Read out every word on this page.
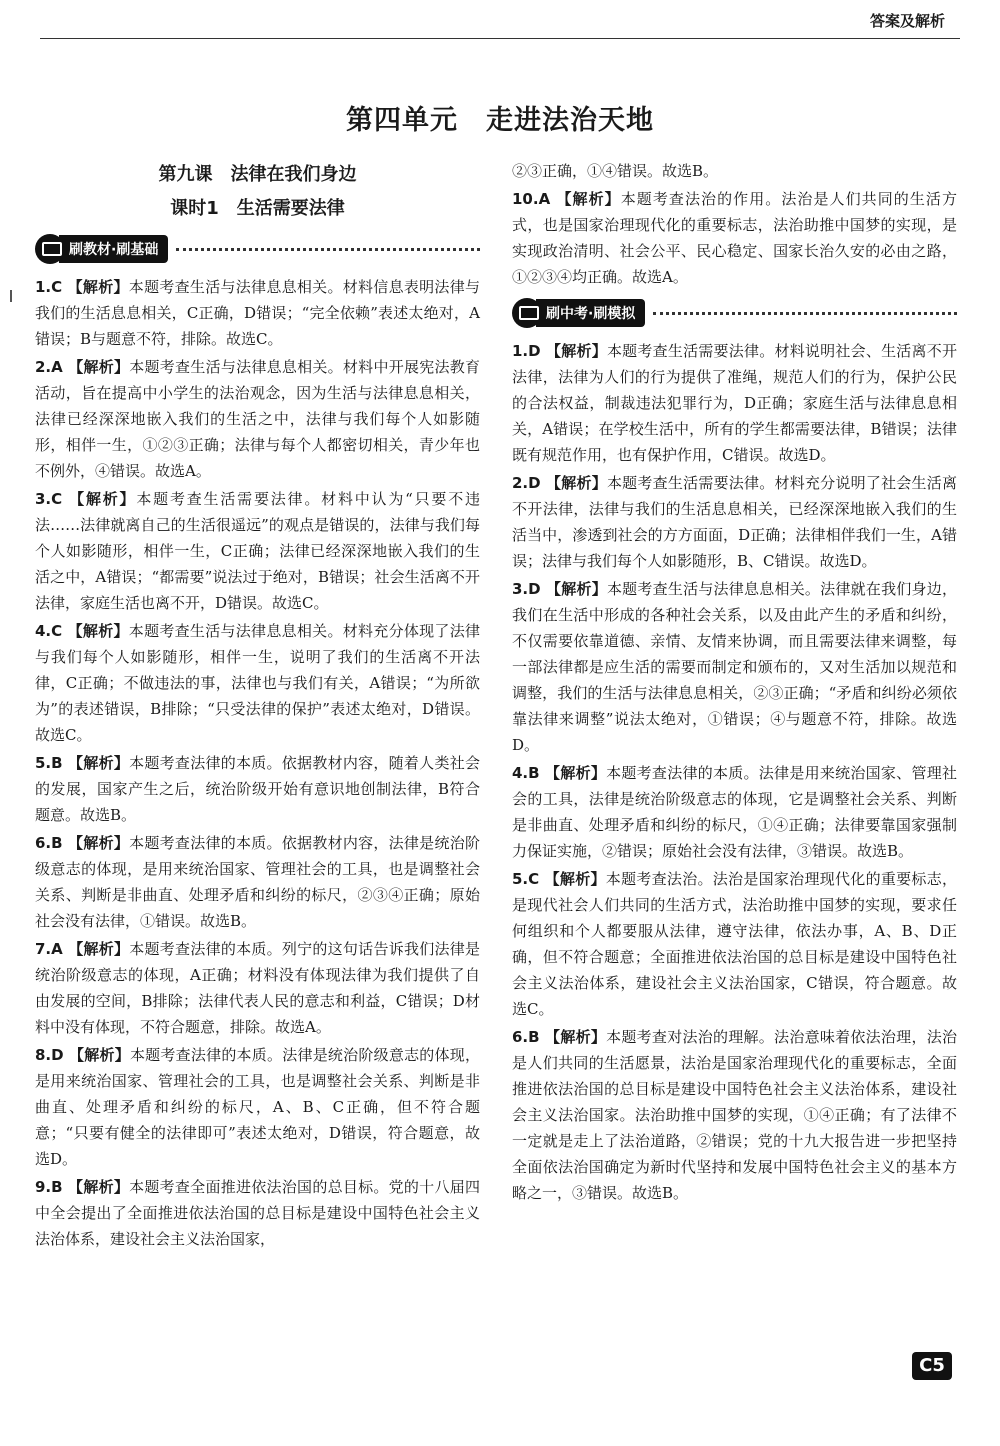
答案及解析
第四单元　走进法治天地
第九课　法律在我们身边
课时1　生活需要法律
刷教材·刷基础
1.C 【解析】本题考查生活与法律息息相关。材料信息表明法律与我们的生活息息相关，C正确，D错误；“完全依赖”表述太绝对，A错误；B与题意不符，排除。故选C。
2.A 【解析】本题考查生活与法律息息相关。材料中开展宪法教育活动，旨在提高中小学生的法治观念，因为生活与法律息息相关，法律已经深深地嵌入我们的生活之中，法律与我们每个人如影随形，相伴一生，①②③正确；法律与每个人都密切相关，青少年也不例外，④错误。故选A。
3.C 【解析】本题考查生活需要法律。材料中认为“只要不违法……法律就离自己的生活很遥远”的观点是错误的，法律与我们每个人如影随形，相伴一生，C正确；法律已经深深地嵌入我们的生活之中，A错误；“都需要”说法过于绝对，B错误；社会生活离不开法律，家庭生活也离不开，D错误。故选C。
4.C 【解析】本题考查生活与法律息息相关。材料充分体现了法律与我们每个人如影随形，相伴一生，说明了我们的生活离不开法律，C正确；不做违法的事，法律也与我们有关，A错误；“为所欲为”的表述错误，B排除；“只受法律的保护”表述太绝对，D错误。故选C。
5.B 【解析】本题考查法律的本质。依据教材内容，随着人类社会的发展，国家产生之后，统治阶级开始有意识地创制法律，B符合题意。故选B。
6.B 【解析】本题考查法律的本质。依据教材内容，法律是统治阶级意志的体现，是用来统治国家、管理社会的工具，也是调整社会关系、判断是非曲直、处理矛盾和纠纷的标尺，②③④正确；原始社会没有法律，①错误。故选B。
7.A 【解析】本题考查法律的本质。列宁的这句话告诉我们法律是统治阶级意志的体现，A正确；材料没有体现法律为我们提供了自由发展的空间，B排除；法律代表人民的意志和利益，C错误；D材料中没有体现，不符合题意，排除。故选A。
8.D 【解析】本题考查法律的本质。法律是统治阶级意志的体现，是用来统治国家、管理社会的工具，也是调整社会关系、判断是非曲直、处理矛盾和纠纷的标尺，A、B、C正确，但不符合题意；“只要有健全的法律即可”表述太绝对，D错误，符合题意，故选D。
9.B 【解析】本题考查全面推进依法治国的总目标。党的十八届四中全会提出了全面推进依法治国的总目标是建设中国特色社会主义法治体系，建设社会主义法治国家，
②③正确，①④错误。故选B。
10.A 【解析】本题考查法治的作用。法治是人们共同的生活方式，也是国家治理现代化的重要标志，法治助推中国梦的实现，是实现政治清明、社会公平、民心稳定、国家长治久安的必由之路，①②③④均正确。故选A。
刷中考·刷模拟
1.D 【解析】本题考查生活需要法律。材料说明社会、生活离不开法律，法律为人们的行为提供了准绳，规范人们的行为，保护公民的合法权益，制裁违法犯罪行为，D正确；家庭生活与法律息息相关，A错误；在学校生活中，所有的学生都需要法律，B错误；法律既有规范作用，也有保护作用，C错误。故选D。
2.D 【解析】本题考查生活需要法律。材料充分说明了社会生活离不开法律，法律与我们的生活息息相关，已经深深地嵌入我们的生活当中，渗透到社会的方方面面，D正确；法律相伴我们一生，A错误；法律与我们每个人如影随形，B、C错误。故选D。
3.D 【解析】本题考查生活与法律息息相关。法律就在我们身边，我们在生活中形成的各种社会关系，以及由此产生的矛盾和纠纷，不仅需要依靠道德、亲情、友情来协调，而且需要法律来调整，每一部法律都是应生活的需要而制定和颁布的，又对生活加以规范和调整，我们的生活与法律息息相关，②③正确；“矛盾和纠纷必须依靠法律来调整”说法太绝对，①错误；④与题意不符，排除。故选D。
4.B 【解析】本题考查法律的本质。法律是用来统治国家、管理社会的工具，法律是统治阶级意志的体现，它是调整社会关系、判断是非曲直、处理矛盾和纠纷的标尺，①④正确；法律要靠国家强制力保证实施，②错误；原始社会没有法律，③错误。故选B。
5.C 【解析】本题考查法治。法治是国家治理现代化的重要标志，是现代社会人们共同的生活方式，法治助推中国梦的实现，要求任何组织和个人都要服从法律，遵守法律，依法办事，A、B、D正确，但不符合题意；全面推进依法治国的总目标是建设中国特色社会主义法治体系，建设社会主义法治国家，C错误，符合题意。故选C。
6.B 【解析】本题考查对法治的理解。法治意味着依法治理，法治是人们共同的生活愿景，法治是国家治理现代化的重要标志，全面推进依法治国的总目标是建设中国特色社会主义法治体系，建设社会主义法治国家。法治助推中国梦的实现，①④正确；有了法律不一定就是走上了法治道路，②错误；党的十九大报告进一步把坚持全面依法治国确定为新时代坚持和发展中国特色社会主义的基本方略之一，③错误。故选B。
C5
